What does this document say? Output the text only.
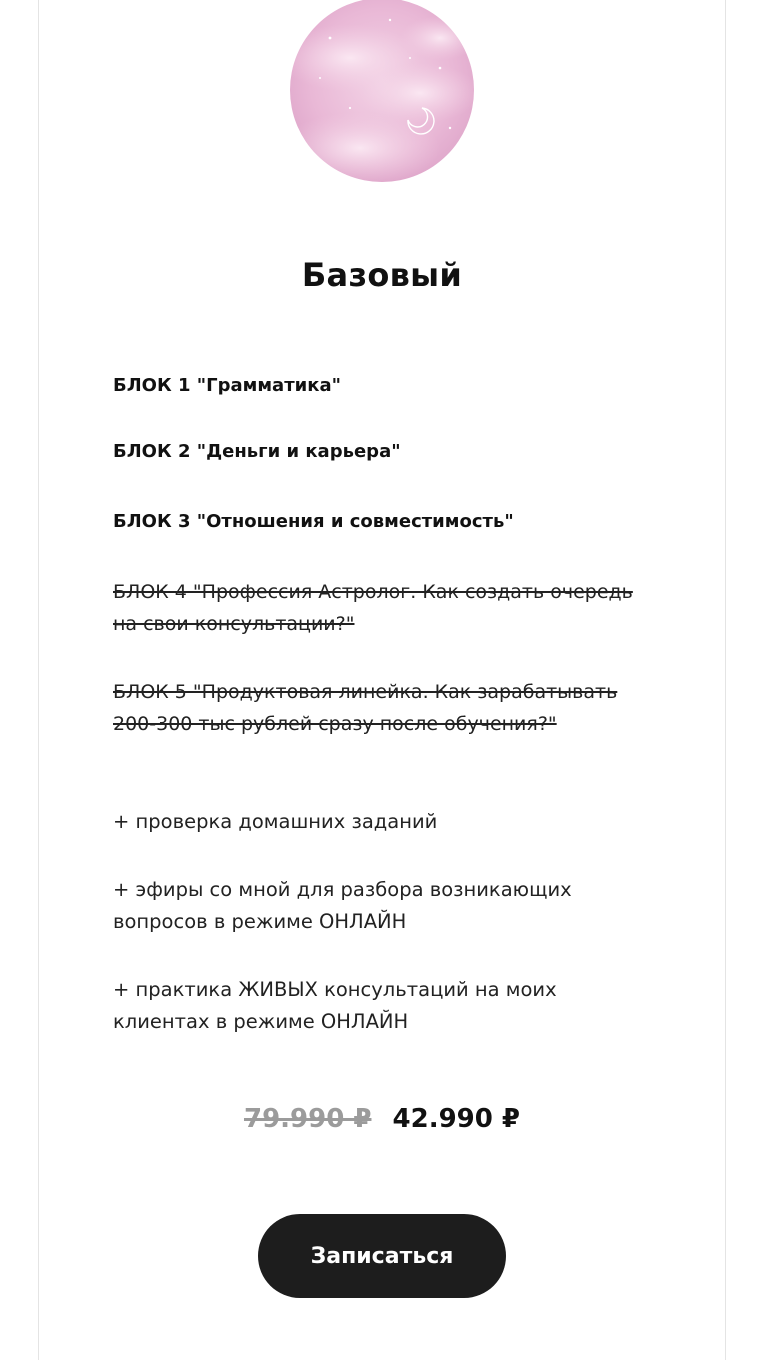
Базовый
БЛОК 1 "Грамматика"
БЛОК 2 "Деньги и карьера"
БЛОК 3 "Отношения и совместимость"
БЛОК 4 "Профессия Астролог. Как создать очередь на свои консультации?"
БЛОК 5 "Продуктовая линейка. Как зарабатывать 200-300 тыс рублей сразу после обучения?"
+ проверка домашних заданий
+ эфиры со мной для разбора возникающих вопросов в режиме ОНЛАЙН
+ практика ЖИВЫХ консультаций на моих клиентах в режиме ОНЛАЙН
79.990 ₽ 42.990 ₽
Записаться
